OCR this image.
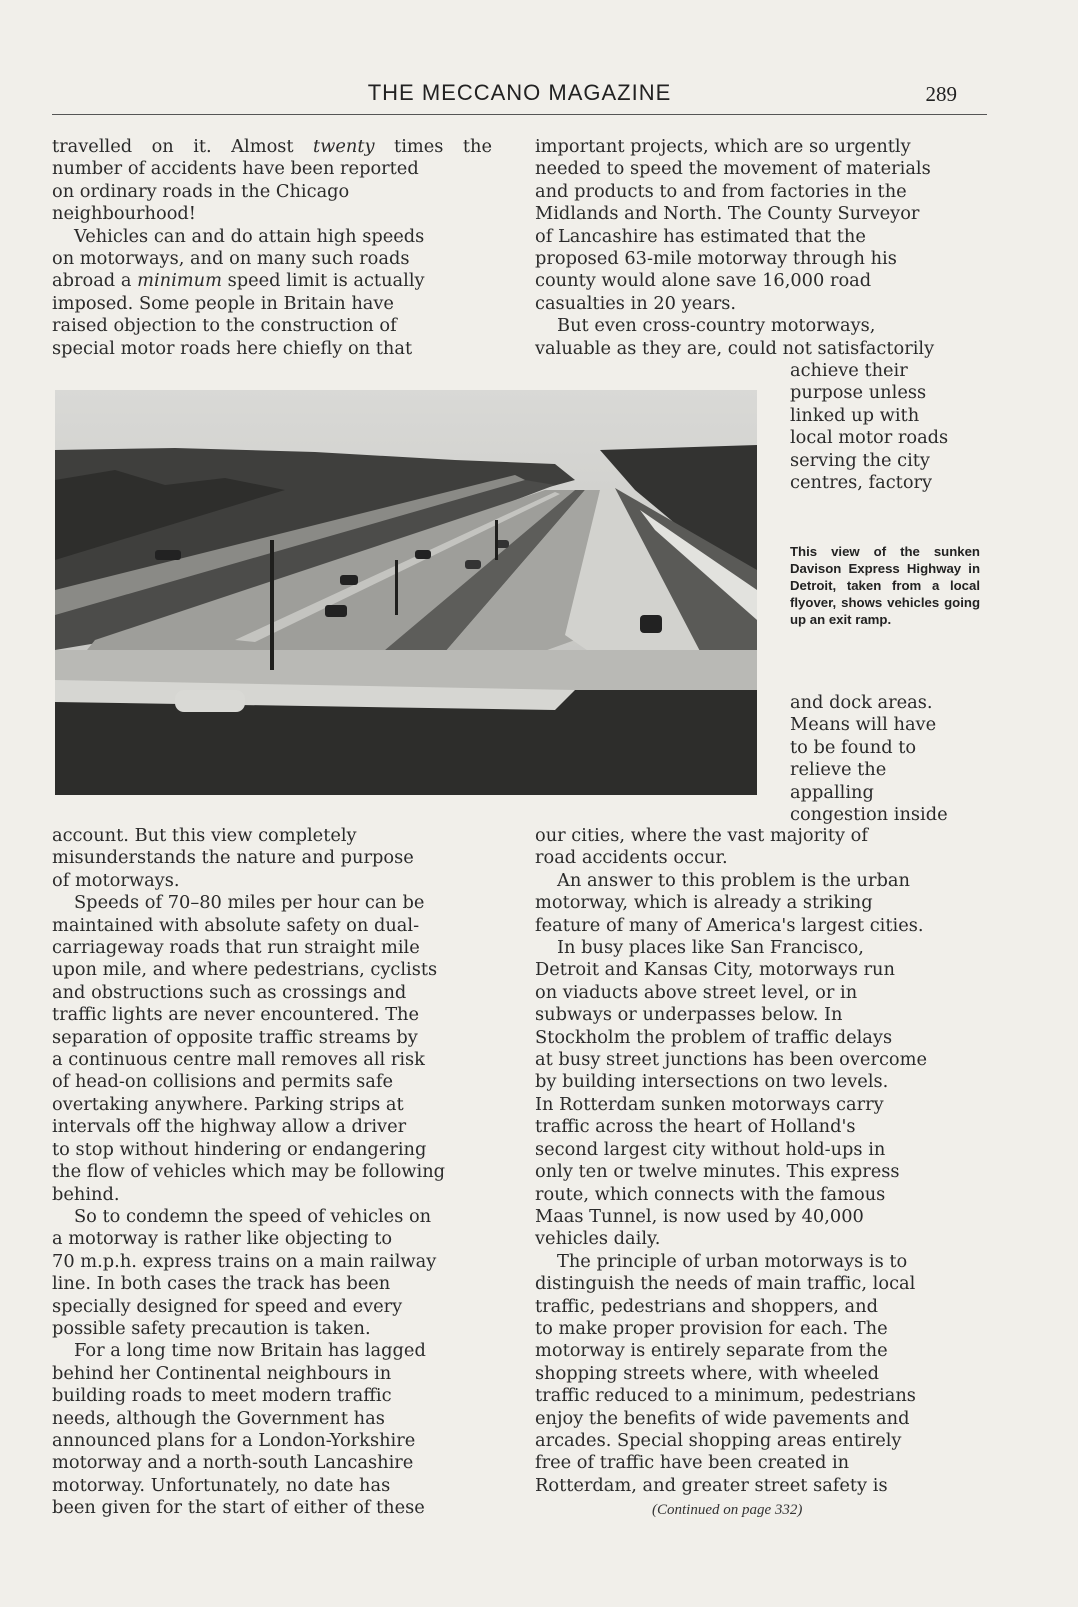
THE MECCANO MAGAZINE	289
travelled on it. Almost twenty times the
number of accidents have been reported
on ordinary roads in the Chicago
neighbourhood!
Vehicles can and do attain high speeds
on motorways, and on many such roads
abroad a minimum speed limit is actually
imposed. Some people in Britain have
raised objection to the construction of
special motor roads here chiefly on that
important projects, which are so urgently
needed to speed the movement of materials
and products to and from factories in the
Midlands and North. The County Surveyor
of Lancashire has estimated that the
proposed 63-mile motorway through his
county would alone save 16,000 road
casualties in 20 years.
But even cross-country motorways,
valuable as they are, could not satisfactorily
achieve their
purpose unless
linked up with
local motor roads
serving the city
centres, factory
This view of the sunken Davison Express Highway in Detroit, taken from a local flyover, shows vehicles going up an exit ramp.
and dock areas.
Means will have
to be found to
relieve the
appalling
congestion inside
account. But this view completely
misunderstands the nature and purpose
of motorways.
Speeds of 70–80 miles per hour can be
maintained with absolute safety on dual-
carriageway roads that run straight mile
upon mile, and where pedestrians, cyclists
and obstructions such as crossings and
traffic lights are never encountered. The
separation of opposite traffic streams by
a continuous centre mall removes all risk
of head-on collisions and permits safe
overtaking anywhere. Parking strips at
intervals off the highway allow a driver
to stop without hindering or endangering
the flow of vehicles which may be following
behind.
So to condemn the speed of vehicles on
a motorway is rather like objecting to
70 m.p.h. express trains on a main railway
line. In both cases the track has been
specially designed for speed and every
possible safety precaution is taken.
For a long time now Britain has lagged
behind her Continental neighbours in
building roads to meet modern traffic
needs, although the Government has
announced plans for a London-Yorkshire
motorway and a north-south Lancashire
motorway. Unfortunately, no date has
been given for the start of either of these
our cities, where the vast majority of
road accidents occur.
An answer to this problem is the urban
motorway, which is already a striking
feature of many of America's largest cities.
In busy places like San Francisco,
Detroit and Kansas City, motorways run
on viaducts above street level, or in
subways or underpasses below. In
Stockholm the problem of traffic delays
at busy street junctions has been overcome
by building intersections on two levels.
In Rotterdam sunken motorways carry
traffic across the heart of Holland's
second largest city without hold-ups in
only ten or twelve minutes. This express
route, which connects with the famous
Maas Tunnel, is now used by 40,000
vehicles daily.
The principle of urban motorways is to
distinguish the needs of main traffic, local
traffic, pedestrians and shoppers, and
to make proper provision for each. The
motorway is entirely separate from the
shopping streets where, with wheeled
traffic reduced to a minimum, pedestrians
enjoy the benefits of wide pavements and
arcades. Special shopping areas entirely
free of traffic have been created in
Rotterdam, and greater street safety is
(Continued on page 332)
